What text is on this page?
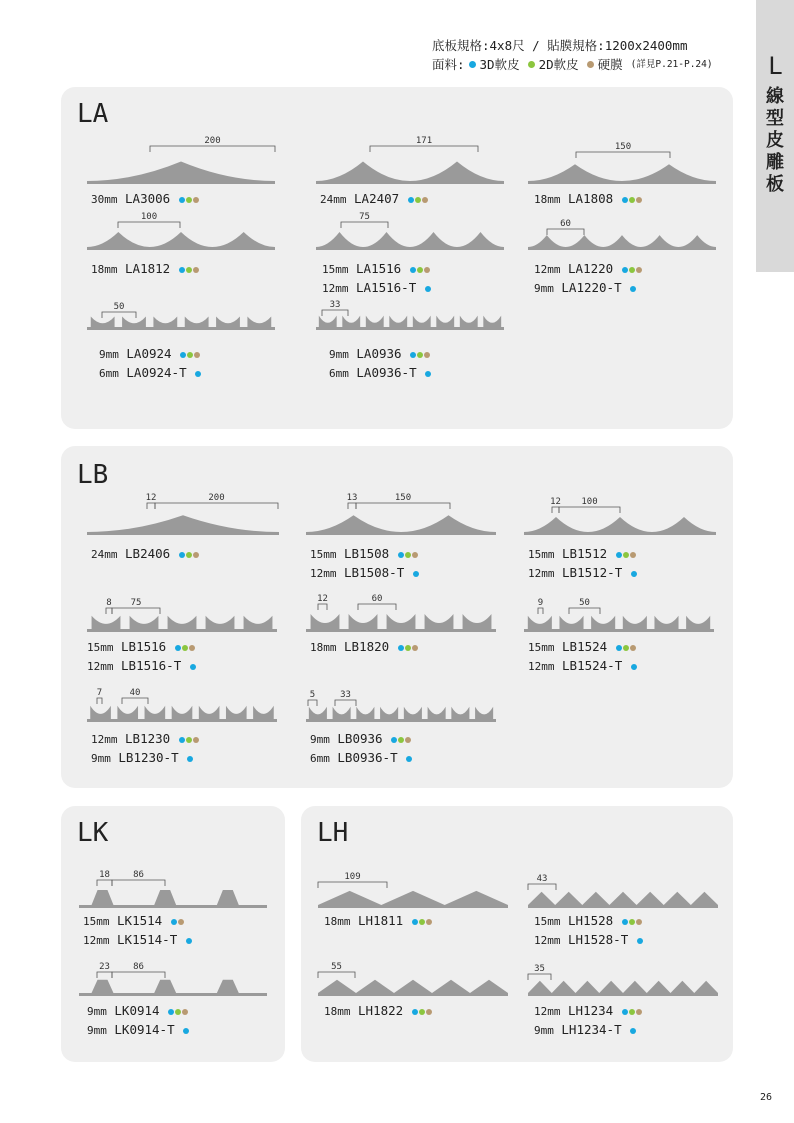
底板規格:4x8尺 / 貼膜規格:1200x2400mm
面料: 3D軟皮 2D軟皮 硬膜 (詳見P.21-P.24)	L
線
型
皮
雕
板
LA
LB
LK	LH
200
30mm LA3006
171
24mm LA2407
150
18mm LA1808
100
18mm LA1812
75
15mm LA1516
12mm LA1516-T
60
12mm LA1220
9mm LA1220-T
50
9mm LA0924
6mm LA0924-T
33
9mm LA0936
6mm LA0936-T
12	200
24mm LB2406
13	150
15mm LB1508
12mm LB1508-T
12 100
15mm LB1512
12mm LB1512-T
8 75
15mm LB1516
12mm LB1516-T
12	60
18mm LB1820
9	50
15mm LB1524
12mm LB1524-T
7	40
12mm LB1230
9mm LB1230-T
5	33
9mm LB0936
6mm LB0936-T
18	86
15mm LK1514
12mm LK1514-T
23	86
9mm LK0914
9mm LK0914-T
109
18mm LH1811
43
15mm LH1528
12mm LH1528-T
55
18mm LH1822
35
12mm LH1234
9mm LH1234-T
26
